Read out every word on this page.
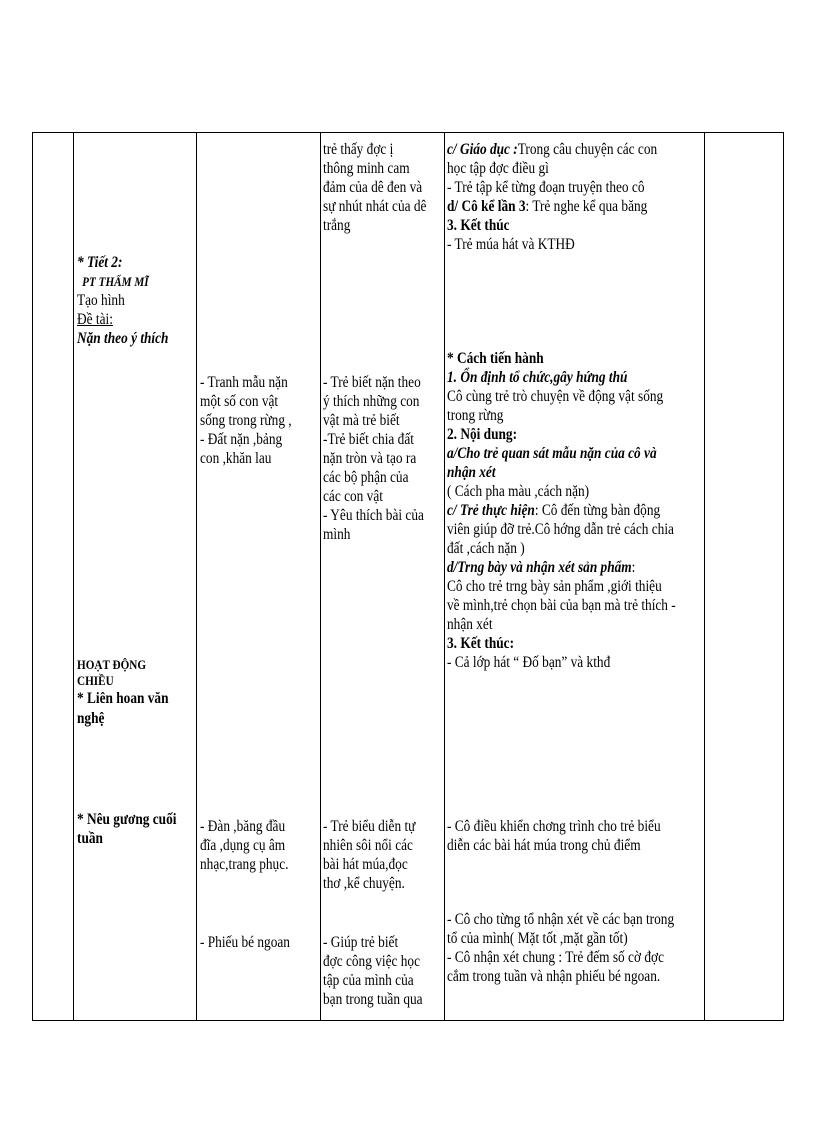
* Tiết 2:
PT THẨM MĨ
Tạo hình
Đề tài:
Nặn theo ý thích
HOẠT ĐỘNG
CHIỀU
* Liên hoan văn
nghệ
* Nêu gương cuối
tuần
- Tranh mẫu nặn
một số con vật
sống trong rừng ,
- Đất nặn ,bảng
con ,khăn lau
- Đàn ,băng đầu
đĩa ,dụng cụ âm
nhạc,trang phục.
- Phiếu bé ngoan
trẻ thấy đợc ị
thông minh cam
đảm của dê đen và
sự nhút nhát của dê
trắng
- Trẻ biết nặn theo
ý thích những con
vật mà trẻ biết
-Trẻ biết chia đất
nặn tròn và tạo ra
các bộ phận của
các con vật
- Yêu thích bài của
mình
- Trẻ biểu diễn tự
nhiên sôi nổi các
bài hát múa,đọc
thơ ,kể chuyện.
- Giúp trẻ biết
đợc công việc học
tập của mình của
bạn trong tuần qua
c/ Giáo dục :Trong câu chuyện các con
học tập đợc điều gì
- Trẻ tập kể từng đoạn truyện theo cô
d/ Cô kể lần 3: Trẻ nghe kể qua băng
3. Kết thúc
- Trẻ múa hát và KTHĐ
* Cách tiến hành
1. Ổn định tổ chức,gây hứng thú
Cô cùng trẻ trò chuyện về động vật sống
trong rừng
2. Nội dung:
a/Cho trẻ quan sát mẫu nặn của cô và
nhận xét
( Cách pha màu ,cách nặn)
c/ Trẻ thực hiện: Cô đến từng bàn động
viên giúp đỡ trẻ.Cô hớng dẫn trẻ cách chia
đất ,cách nặn )
d/Trng bày và nhận xét sản phẩm:
Cô cho trẻ trng bày sản phẩm ,giới thiệu
về mình,trẻ chọn bài của bạn mà trẻ thích -
nhận xét
3. Kết thúc:
- Cả lớp hát “ Đố bạn” và kthđ
- Cô điều khiển chơng trình cho trẻ biểu
diễn các bài hát múa trong chủ điểm
- Cô cho từng tổ nhận xét về các bạn trong
tổ của mình( Mặt tốt ,mặt gần tốt)
- Cô nhận xét chung : Trẻ đếm số cờ đợc
cắm trong tuần và nhận phiếu bé ngoan.
